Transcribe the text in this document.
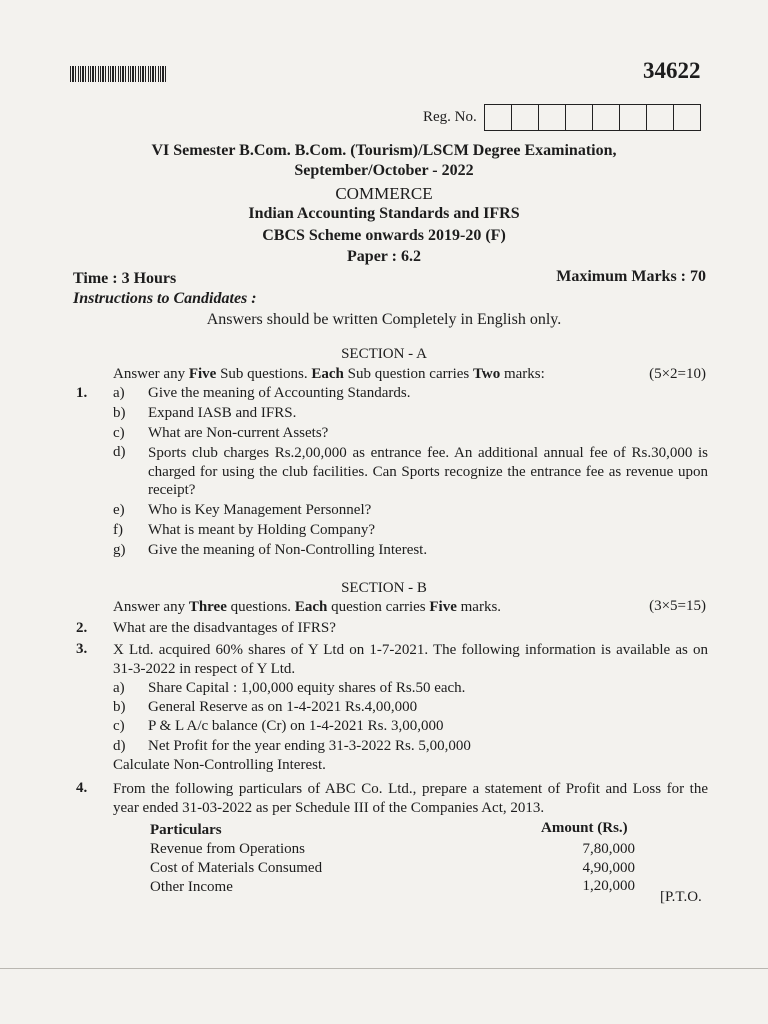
34622
Reg. No.
VI Semester B.Com. B.Com. (Tourism)/LSCM Degree Examination,
September/October - 2022
COMMERCE
Indian Accounting Standards and IFRS
CBCS Scheme onwards 2019-20 (F)
Paper : 6.2
Time : 3 Hours	Maximum Marks : 70
Instructions to Candidates :
Answers should be written Completely in English only.
SECTION - A
Answer any Five Sub questions. Each Sub question carries Two marks:	(5×2=10)
1. a) Give the meaning of Accounting Standards.
b) Expand IASB and IFRS.
c) What are Non-current Assets?
d) Sports club charges Rs.2,00,000 as entrance fee. An additional annual fee of Rs.30,000 is charged for using the club facilities. Can Sports recognize the entrance fee as revenue upon receipt?
e) Who is Key Management Personnel?
f) What is meant by Holding Company?
g) Give the meaning of Non-Controlling Interest.
SECTION - B
Answer any Three questions. Each question carries Five marks.	(3×5=15)
2. What are the disadvantages of IFRS?
3. X Ltd. acquired 60% shares of Y Ltd on 1-7-2021. The following information is available as on 31-3-2022 in respect of Y Ltd.
a) Share Capital : 1,00,000 equity shares of Rs.50 each.
b) General Reserve as on 1-4-2021 Rs.4,00,000
c) P & L A/c balance (Cr) on 1-4-2021 Rs. 3,00,000
d) Net Profit for the year ending 31-3-2022 Rs. 5,00,000
Calculate Non-Controlling Interest.
4. From the following particulars of ABC Co. Ltd., prepare a statement of Profit and Loss for the year ended 31-03-2022 as per Schedule III of the Companies Act, 2013.
Particulars	Amount (Rs.)
Revenue from Operations	7,80,000
Cost of Materials Consumed	4,90,000
Other Income	1,20,000
[P.T.O.
